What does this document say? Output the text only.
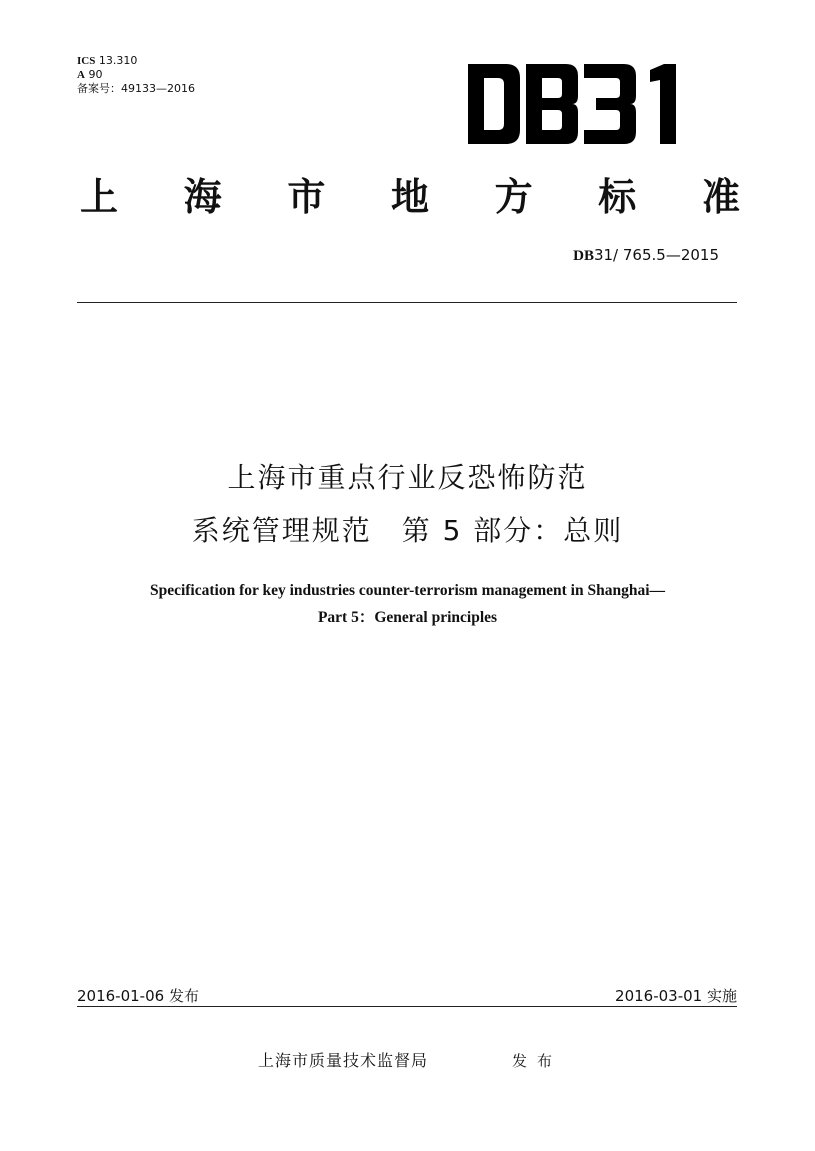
ICS 13.310
A 90
备案号：49133—2016
上 海 市 地 方 标 准
DB31/ 765.5—2015
上海市重点行业反恐怖防范
系统管理规范　第 5 部分：总则
Specification for key industries counter-terrorism management in Shanghai—
Part 5：General principles
2016-01-06 发布	2016-03-01 实施
上海市质量技术监督局	发布
